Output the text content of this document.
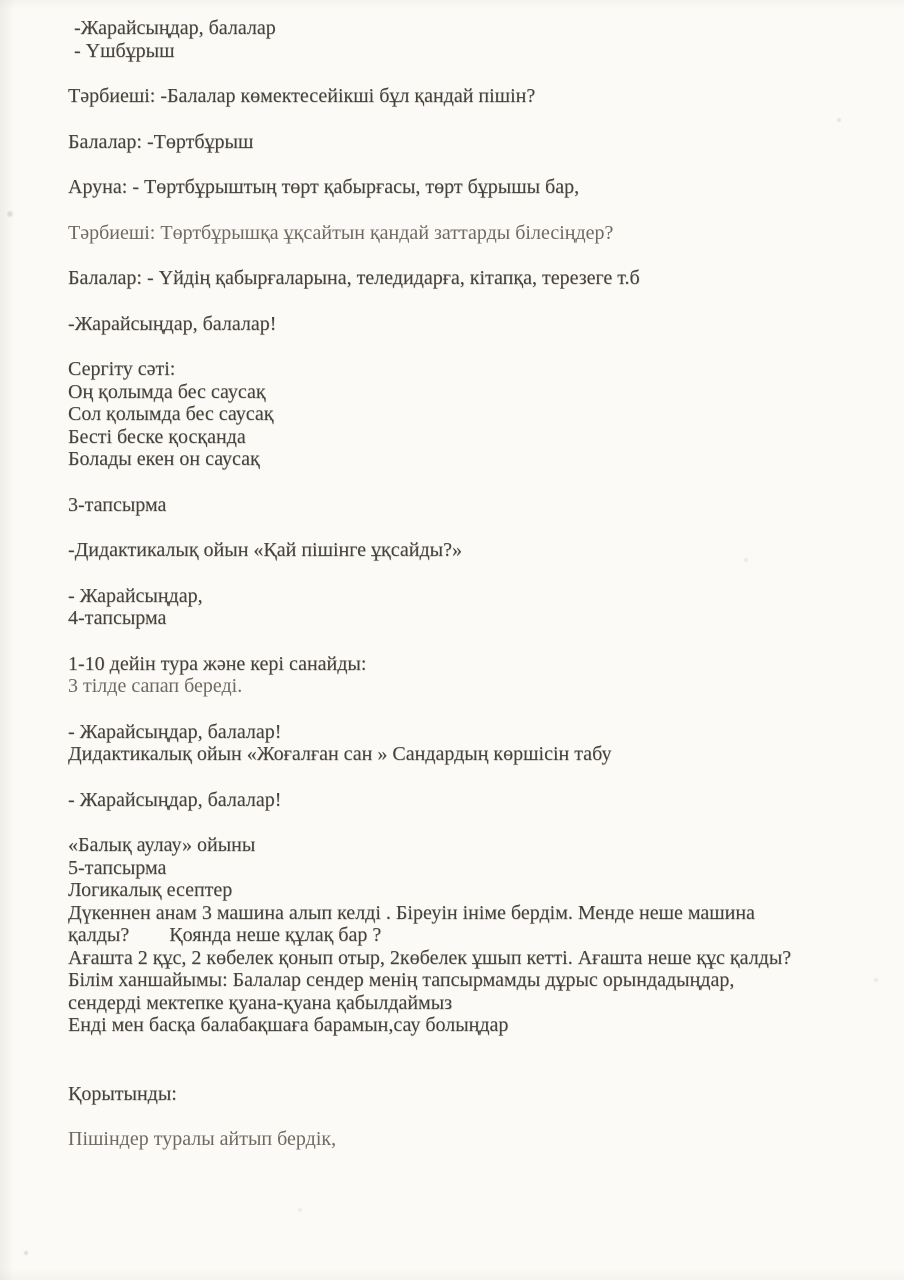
-Жарайсыңдар, балалар
- Үшбұрыш
Тәрбиеші: -Балалар көмектесейікші бұл қандай пішін?
Балалар: -Төртбұрыш
Аруна: - Төртбұрыштың төрт қабырғасы, төрт бұрышы бар,
Тәрбиеші: Төртбұрышқа ұқсайтын қандай заттарды білесіңдер?
Балалар: - Үйдің қабырғаларына, теледидарға, кітапқа, терезеге т.б
-Жарайсыңдар, балалар!
Сергіту сәті:
Оң қолымда бес саусақ
Сол қолымда бес саусақ
Бесті беске қосқанда
Болады екен он саусақ
3-тапсырма
-Дидактикалық ойын «Қай пішінге ұқсайды?»
- Жарайсыңдар,
4-тапсырма
1-10 дейін тура және кері санайды:
3 тілде сапап береді.
- Жарайсыңдар, балалар!
Дидактикалық ойын «Жоғалған сан » Сандардың көршісін табу
- Жарайсыңдар, балалар!
«Балық аулау» ойыны
5-тапсырма
Логикалық есептер
Дүкеннен анам 3 машина алып келді . Біреуін ініме бердім. Менде неше машина
қалды?        Қоянда неше құлақ бар ?
Ағашта 2 құс, 2 көбелек қонып отыр, 2көбелек ұшып кетті. Ағашта неше құс қалды?
Білім ханшайымы: Балалар сендер менің тапсырмамды дұрыс орындадыңдар,
сендерді мектепке қуана-қуана қабылдаймыз
Енді мен басқа балабақшаға барамын,сау болыңдар
Қорытынды:
Пішіндер туралы айтып бердік,
